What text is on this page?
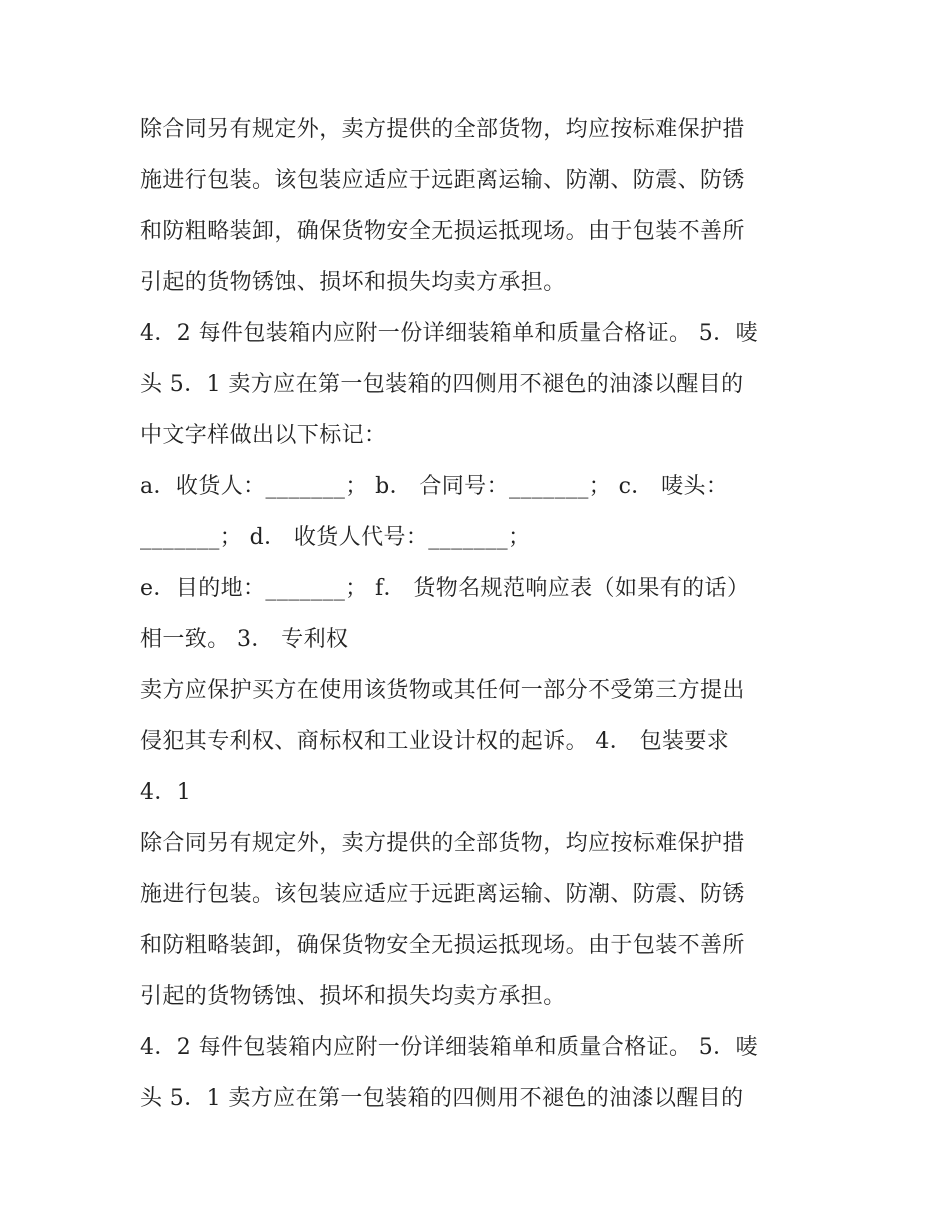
除合同另有规定外，卖方提供的全部货物，均应按标难保护措
施进行包装。该包装应适应于远距离运输、防潮、防震、防锈
和防粗略装卸，确保货物安全无损运抵现场。由于包装不善所
引起的货物锈蚀、损坏和损失均卖方承担。
4．2 每件包装箱内应附一份详细装箱单和质量合格证。 5．唛
头 5．1 卖方应在第一包装箱的四侧用不褪色的油漆以醒目的
中文字样做出以下标记：
a．收货人：_______； b． 合同号：_______； c． 唛头：
_______； d． 收货人代号：_______；
e．目的地：_______； f． 货物名规范响应表（如果有的话）
相一致。 3． 专利权
卖方应保护买方在使用该货物或其任何一部分不受第三方提出
侵犯其专利权、商标权和工业设计权的起诉。 4． 包装要求
4．1
除合同另有规定外，卖方提供的全部货物，均应按标难保护措
施进行包装。该包装应适应于远距离运输、防潮、防震、防锈
和防粗略装卸，确保货物安全无损运抵现场。由于包装不善所
引起的货物锈蚀、损坏和损失均卖方承担。
4．2 每件包装箱内应附一份详细装箱单和质量合格证。 5．唛
头 5．1 卖方应在第一包装箱的四侧用不褪色的油漆以醒目的
